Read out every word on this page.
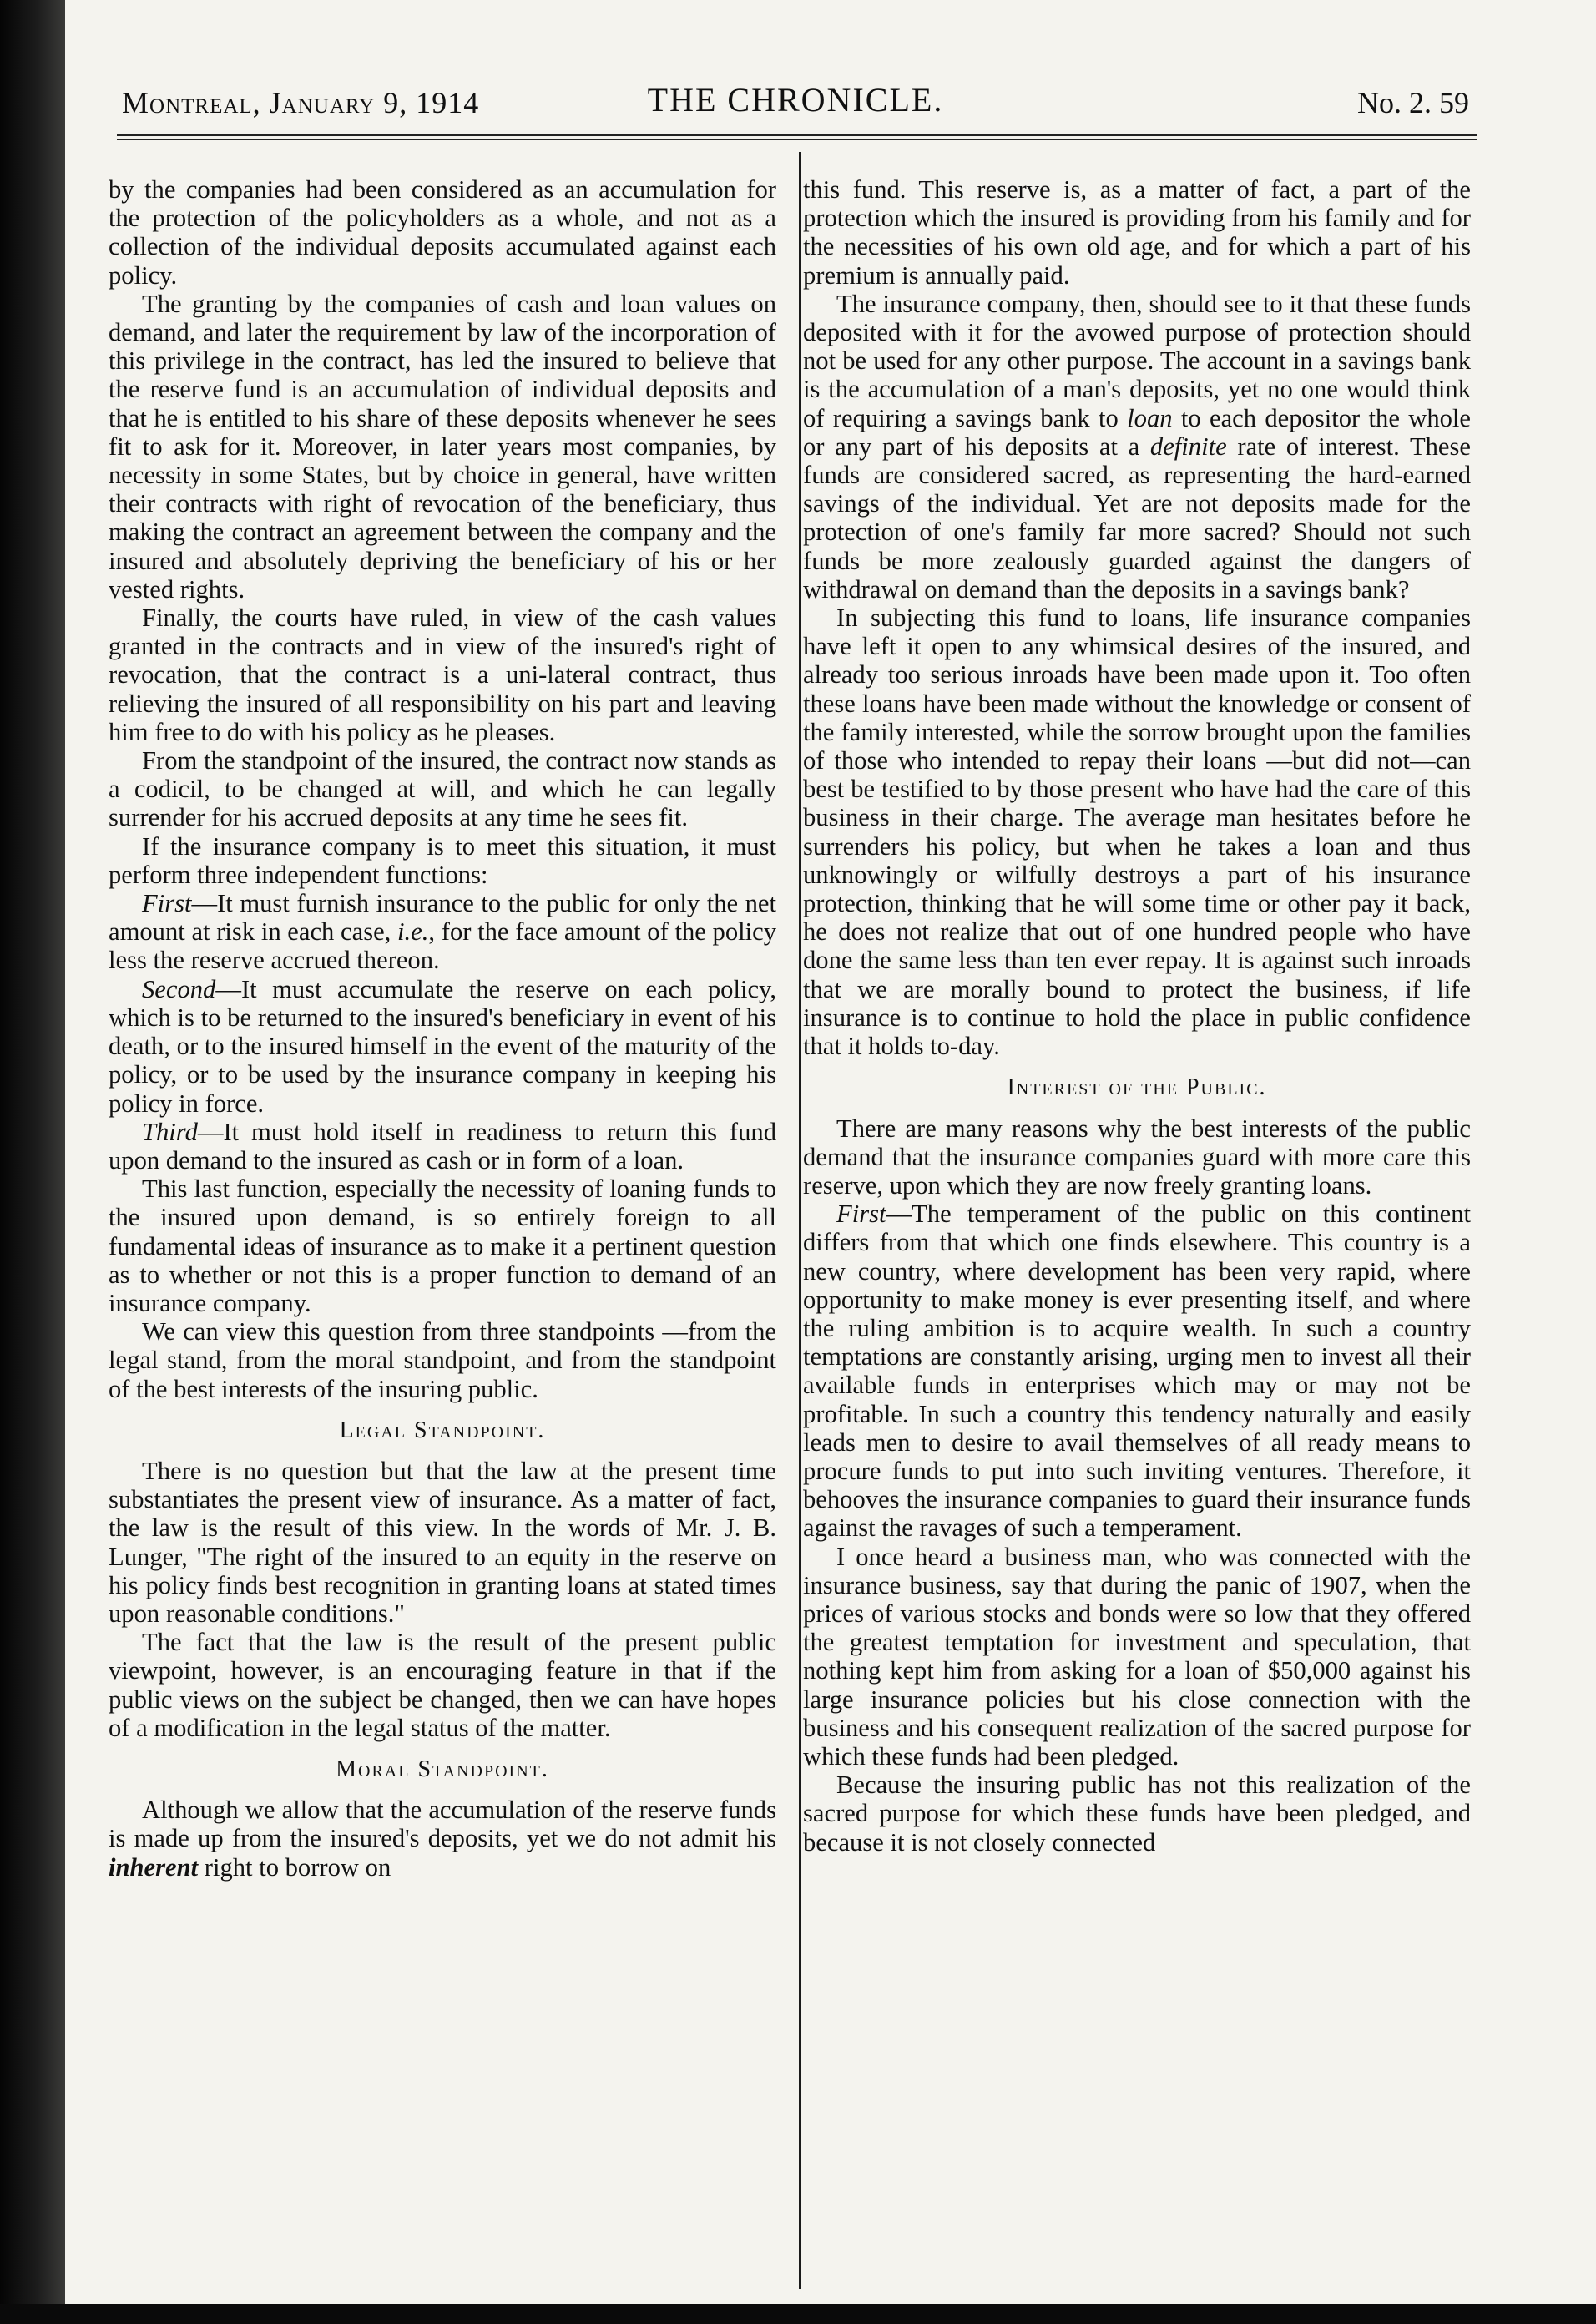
Montreal, January 9, 1914	THE CHRONICLE.	No. 2. 59

by the companies had been considered as an accumulation for the protection of the policyholders as a whole, and not as a collection of the individual deposits accumulated against each policy.

The granting by the companies of cash and loan values on demand, and later the requirement by law of the incorporation of this privilege in the contract, has led the insured to believe that the reserve fund is an accumulation of individual deposits and that he is entitled to his share of these deposits whenever he sees fit to ask for it. Moreover, in later years most companies, by necessity in some States, but by choice in general, have written their contracts with right of revocation of the beneficiary, thus making the contract an agreement between the company and the insured and absolutely depriving the beneficiary of his or her vested rights.

Finally, the courts have ruled, in view of the cash values granted in the contracts and in view of the insured's right of revocation, that the contract is a uni-lateral contract, thus relieving the insured of all responsibility on his part and leaving him free to do with his policy as he pleases.

From the standpoint of the insured, the contract now stands as a codicil, to be changed at will, and which he can legally surrender for his accrued deposits at any time he sees fit.

If the insurance company is to meet this situation, it must perform three independent functions:

First—It must furnish insurance to the public for only the net amount at risk in each case, i.e., for the face amount of the policy less the reserve accrued thereon.

Second—It must accumulate the reserve on each policy, which is to be returned to the insured's beneficiary in event of his death, or to the insured himself in the event of the maturity of the policy, or to be used by the insurance company in keeping his policy in force.

Third—It must hold itself in readiness to return this fund upon demand to the insured as cash or in form of a loan.

This last function, especially the necessity of loaning funds to the insured upon demand, is so entirely foreign to all fundamental ideas of insurance as to make it a pertinent question as to whether or not this is a proper function to demand of an insurance company.

We can view this question from three standpoints —from the legal stand, from the moral standpoint, and from the standpoint of the best interests of the insuring public.

Legal Standpoint.

There is no question but that the law at the present time substantiates the present view of insurance. As a matter of fact, the law is the result of this view. In the words of Mr. J. B. Lunger, "The right of the insured to an equity in the reserve on his policy finds best recognition in granting loans at stated times upon reasonable conditions."

The fact that the law is the result of the present public viewpoint, however, is an encouraging feature in that if the public views on the subject be changed, then we can have hopes of a modification in the legal status of the matter.

Moral Standpoint.

Although we allow that the accumulation of the reserve funds is made up from the insured's deposits, yet we do not admit his inherent right to borrow on

this fund. This reserve is, as a matter of fact, a part of the protection which the insured is providing from his family and for the necessities of his own old age, and for which a part of his premium is annually paid.

The insurance company, then, should see to it that these funds deposited with it for the avowed purpose of protection should not be used for any other purpose. The account in a savings bank is the accumulation of a man's deposits, yet no one would think of requiring a savings bank to loan to each depositor the whole or any part of his deposits at a definite rate of interest. These funds are considered sacred, as representing the hard-earned savings of the individual. Yet are not deposits made for the protection of one's family far more sacred? Should not such funds be more zealously guarded against the dangers of withdrawal on demand than the deposits in a savings bank?

In subjecting this fund to loans, life insurance companies have left it open to any whimsical desires of the insured, and already too serious inroads have been made upon it. Too often these loans have been made without the knowledge or consent of the family interested, while the sorrow brought upon the families of those who intended to repay their loans —but did not—can best be testified to by those present who have had the care of this business in their charge. The average man hesitates before he surrenders his policy, but when he takes a loan and thus unknowingly or wilfully destroys a part of his insurance protection, thinking that he will some time or other pay it back, he does not realize that out of one hundred people who have done the same less than ten ever repay. It is against such inroads that we are morally bound to protect the business, if life insurance is to continue to hold the place in public confidence that it holds to-day.

Interest of the Public.

There are many reasons why the best interests of the public demand that the insurance companies guard with more care this reserve, upon which they are now freely granting loans.

First—The temperament of the public on this continent differs from that which one finds elsewhere. This country is a new country, where development has been very rapid, where opportunity to make money is ever presenting itself, and where the ruling ambition is to acquire wealth. In such a country temptations are constantly arising, urging men to invest all their available funds in enterprises which may or may not be profitable. In such a country this tendency naturally and easily leads men to desire to avail themselves of all ready means to procure funds to put into such inviting ventures. Therefore, it behooves the insurance companies to guard their insurance funds against the ravages of such a temperament.

I once heard a business man, who was connected with the insurance business, say that during the panic of 1907, when the prices of various stocks and bonds were so low that they offered the greatest temptation for investment and speculation, that nothing kept him from asking for a loan of $50,000 against his large insurance policies but his close connection with the business and his consequent realization of the sacred purpose for which these funds had been pledged.

Because the insuring public has not this realization of the sacred purpose for which these funds have been pledged, and because it is not closely connected
